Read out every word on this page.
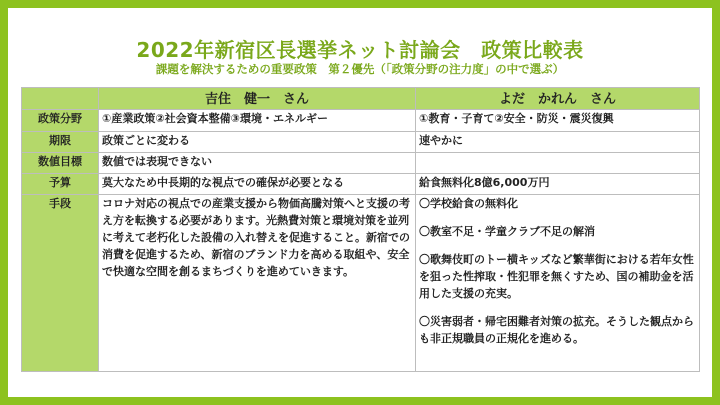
2022年新宿区長選挙ネット討論会　政策比較表
課題を解決するための重要政策　第２優先（「政策分野の注力度」の中で選ぶ）
	吉住　健一　さん	よだ　かれん　さん
政策分野	①産業政策②社会資本整備③環境・エネルギー	①教育・子育て②安全・防災・震災復興
期限	政策ごとに変わる	速やかに
数値目標	数値では表現できない	
予算	莫大なため中長期的な視点での確保が必要となる	給食無料化8億6,000万円
手段	コロナ対応の視点での産業支援から物価高騰対策へと支援の考え方を転換する必要があります。光熱費対策と環境対策を並列に考えて老朽化した設備の入れ替えを促進すること。新宿での消費を促進するため、新宿のブランド力を高める取組や、安全で快適な空間を創るまちづくりを進めていきます。	〇学校給食の無料化

〇教室不足・学童クラブ不足の解消

〇歌舞伎町のトー横キッズなど繁華街における若年女性を狙った性搾取・性犯罪を無くすため、国の補助金を活用した支援の充実。

〇災害弱者・帰宅困難者対策の拡充。そうした観点からも非正規職員の正規化を進める。
